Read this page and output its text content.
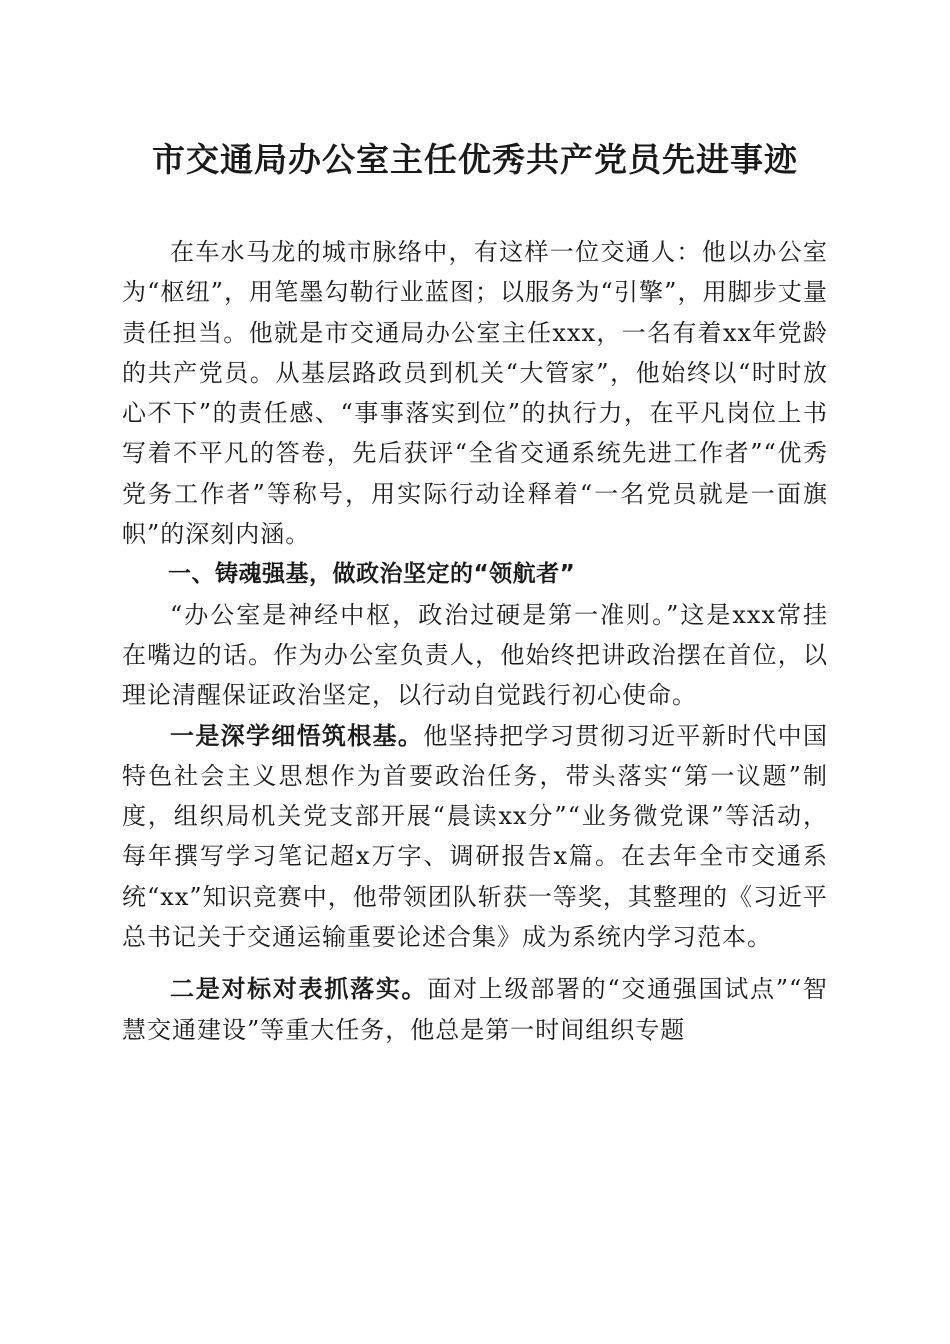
市交通局办公室主任优秀共产党员先进事迹

在车水马龙的城市脉络中，有这样一位交通人：他以办公室为“枢纽”，用笔墨勾勒行业蓝图；以服务为“引擎”，用脚步丈量责任担当。他就是市交通局办公室主任xxx，一名有着xx年党龄的共产党员。从基层路政员到机关“大管家”，他始终以“时时放心不下”的责任感、“事事落实到位”的执行力，在平凡岗位上书写着不平凡的答卷，先后获评“全省交通系统先进工作者”“优秀党务工作者”等称号，用实际行动诠释着“一名党员就是一面旗帜”的深刻内涵。

一、铸魂强基，做政治坚定的“领航者”

“办公室是神经中枢，政治过硬是第一准则。”这是xxx常挂在嘴边的话。作为办公室负责人，他始终把讲政治摆在首位，以理论清醒保证政治坚定，以行动自觉践行初心使命。

一是深学细悟筑根基。他坚持把学习贯彻习近平新时代中国特色社会主义思想作为首要政治任务，带头落实“第一议题”制度，组织局机关党支部开展“晨读xx分”“业务微党课”等活动，每年撰写学习笔记超x万字、调研报告x篇。在去年全市交通系统“xx”知识竞赛中，他带领团队斩获一等奖，其整理的《习近平总书记关于交通运输重要论述合集》成为系统内学习范本。

二是对标对表抓落实。面对上级部署的“交通强国试点”“智慧交通建设”等重大任务，他总是第一时间组织专题
